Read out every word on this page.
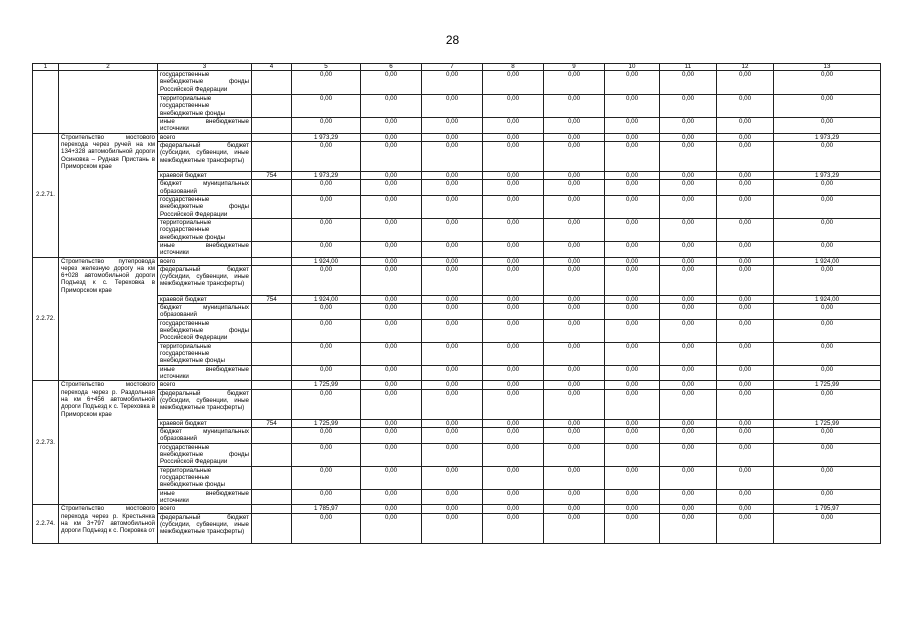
28
1	2	3	4	5	6	7	8	9	10	11	12	13
		государственные внебюджетные фонды Российской Федерации		0,00	0,00	0,00	0,00	0,00	0,00	0,00	0,00	0,00
		территориальные государственные внебюджетные фонды		0,00	0,00	0,00	0,00	0,00	0,00	0,00	0,00	0,00
		иные внебюджетные источники		0,00	0,00	0,00	0,00	0,00	0,00	0,00	0,00	0,00
2.2.71.	Строительство мостового перехода через ручей на км 134+328 автомобильной дороги Осиновка – Рудная Пристань в Приморском крае	всего		1 973,29	0,00	0,00	0,00	0,00	0,00	0,00	0,00	1 973,29
		федеральный бюджет (субсидии, субвенции, иные межбюджетные трансферты)		0,00	0,00	0,00	0,00	0,00	0,00	0,00	0,00	0,00
		краевой бюджет	754	1 973,29	0,00	0,00	0,00	0,00	0,00	0,00	0,00	1 973,29
		бюджет муниципальных образований		0,00	0,00	0,00	0,00	0,00	0,00	0,00	0,00	0,00
		государственные внебюджетные фонды Российской Федерации		0,00	0,00	0,00	0,00	0,00	0,00	0,00	0,00	0,00
		территориальные государственные внебюджетные фонды		0,00	0,00	0,00	0,00	0,00	0,00	0,00	0,00	0,00
		иные внебюджетные источники		0,00	0,00	0,00	0,00	0,00	0,00	0,00	0,00	0,00
2.2.72.	Строительство путепровода через железную дорогу на км 6+028 автомобильной дороги Подъезд к с. Тереховка в Приморском крае	всего		1 924,00	0,00	0,00	0,00	0,00	0,00	0,00	0,00	1 924,00
		федеральный бюджет (субсидии, субвенции, иные межбюджетные трансферты)		0,00	0,00	0,00	0,00	0,00	0,00	0,00	0,00	0,00
		краевой бюджет	754	1 924,00	0,00	0,00	0,00	0,00	0,00	0,00	0,00	1 924,00
		бюджет муниципальных образований		0,00	0,00	0,00	0,00	0,00	0,00	0,00	0,00	0,00
		государственные внебюджетные фонды Российской Федерации		0,00	0,00	0,00	0,00	0,00	0,00	0,00	0,00	0,00
		территориальные государственные внебюджетные фонды		0,00	0,00	0,00	0,00	0,00	0,00	0,00	0,00	0,00
		иные внебюджетные источники		0,00	0,00	0,00	0,00	0,00	0,00	0,00	0,00	0,00
2.2.73.	Строительство мостового перехода через р. Раздольная на км 6+456 автомобильной дороги Подъезд к с. Тереховка в Приморском крае	всего		1 725,99	0,00	0,00	0,00	0,00	0,00	0,00	0,00	1 725,99
		федеральный бюджет (субсидии, субвенции, иные межбюджетные трансферты)		0,00	0,00	0,00	0,00	0,00	0,00	0,00	0,00	0,00
		краевой бюджет	754	1 725,99	0,00	0,00	0,00	0,00	0,00	0,00	0,00	1 725,99
		бюджет муниципальных образований		0,00	0,00	0,00	0,00	0,00	0,00	0,00	0,00	0,00
		государственные внебюджетные фонды Российской Федерации		0,00	0,00	0,00	0,00	0,00	0,00	0,00	0,00	0,00
		территориальные государственные внебюджетные фонды		0,00	0,00	0,00	0,00	0,00	0,00	0,00	0,00	0,00
		иные внебюджетные источники		0,00	0,00	0,00	0,00	0,00	0,00	0,00	0,00	0,00
2.2.74.	Строительство мостового перехода через р. Крестьянка на км 3+797 автомобильной дороги Подъезд к с. Покровка от	всего		1 785,97	0,00	0,00	0,00	0,00	0,00	0,00	0,00	1 795,97
		федеральный бюджет (субсидии, субвенции, иные межбюджетные трансферты)		0,00	0,00	0,00	0,00	0,00	0,00	0,00	0,00	0,00
